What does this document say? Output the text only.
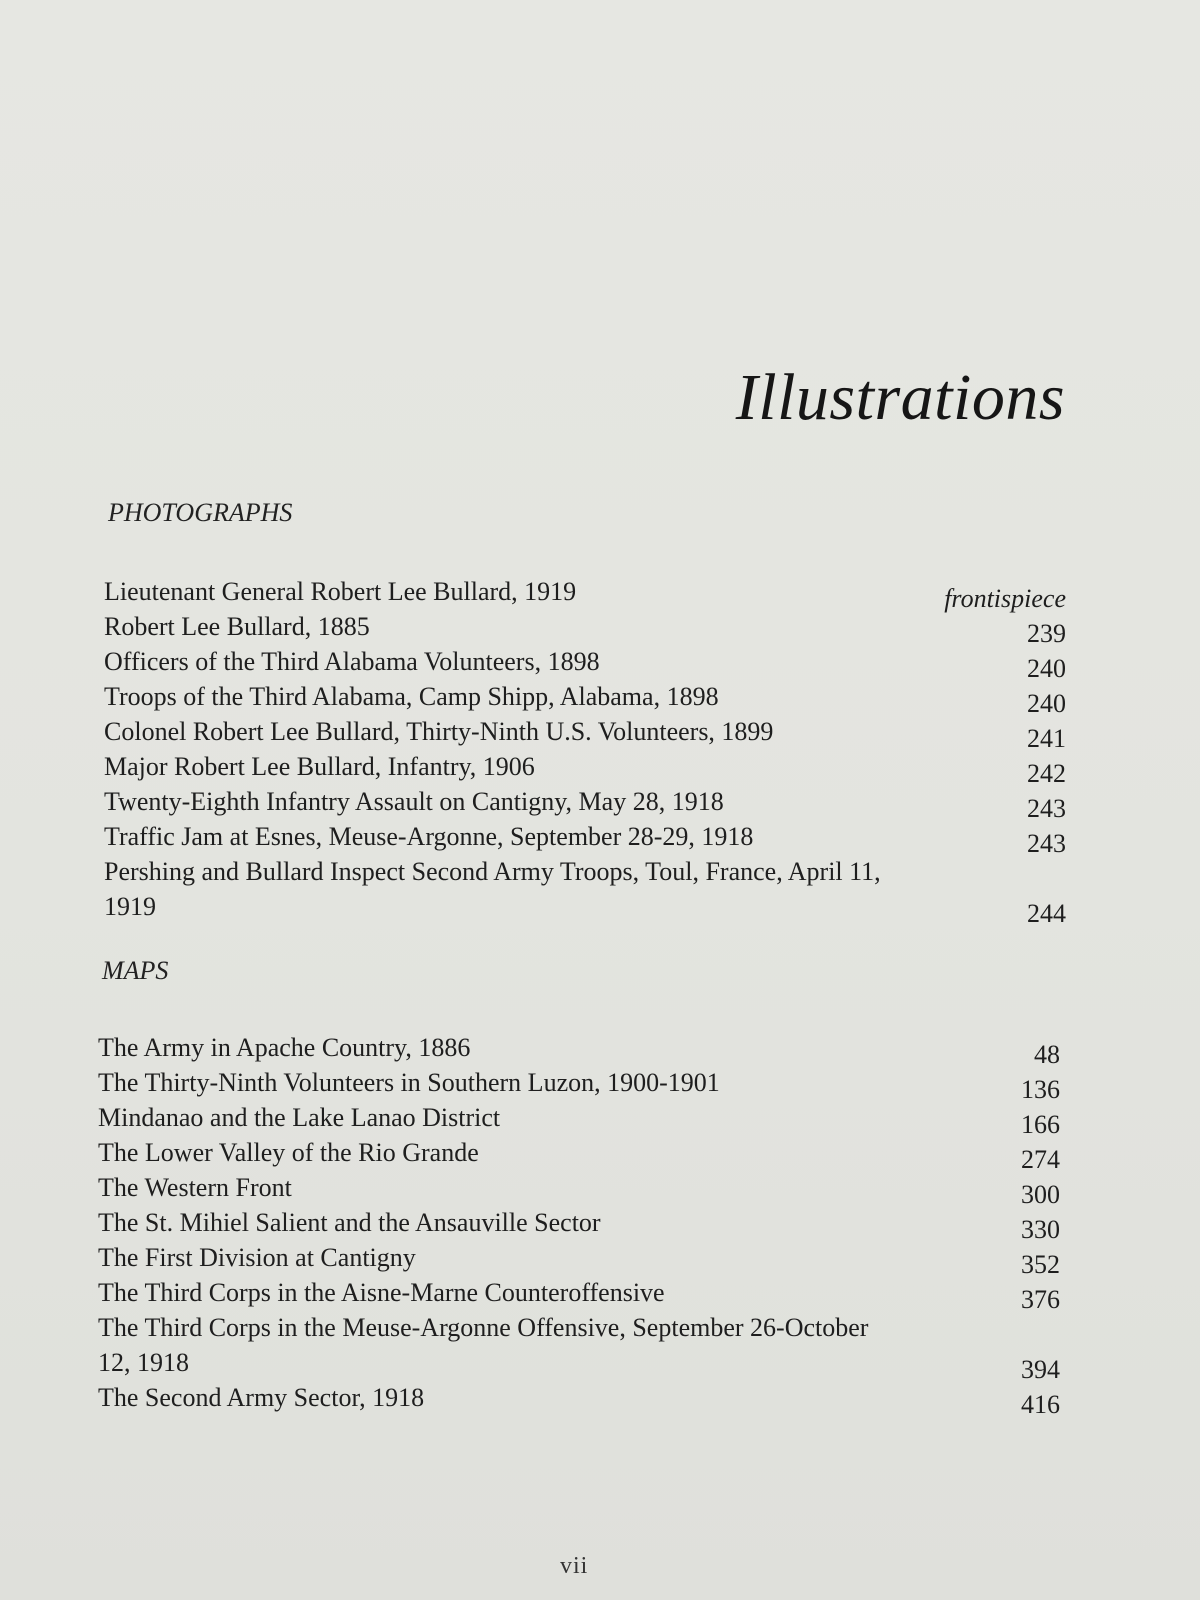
Illustrations
PHOTOGRAPHS
Lieutenant General Robert Lee Bullard, 1919	frontispiece
Robert Lee Bullard, 1885	239
Officers of the Third Alabama Volunteers, 1898	240
Troops of the Third Alabama, Camp Shipp, Alabama, 1898	240
Colonel Robert Lee Bullard, Thirty-Ninth U.S. Volunteers, 1899	241
Major Robert Lee Bullard, Infantry, 1906	242
Twenty-Eighth Infantry Assault on Cantigny, May 28, 1918	243
Traffic Jam at Esnes, Meuse-Argonne, September 28-29, 1918	243
Pershing and Bullard Inspect Second Army Troops, Toul, France, April 11, 1919	244
MAPS
The Army in Apache Country, 1886	48
The Thirty-Ninth Volunteers in Southern Luzon, 1900-1901	136
Mindanao and the Lake Lanao District	166
The Lower Valley of the Rio Grande	274
The Western Front	300
The St. Mihiel Salient and the Ansauville Sector	330
The First Division at Cantigny	352
The Third Corps in the Aisne-Marne Counteroffensive	376
The Third Corps in the Meuse-Argonne Offensive, September 26-October 12, 1918	394
The Second Army Sector, 1918	416
vii
